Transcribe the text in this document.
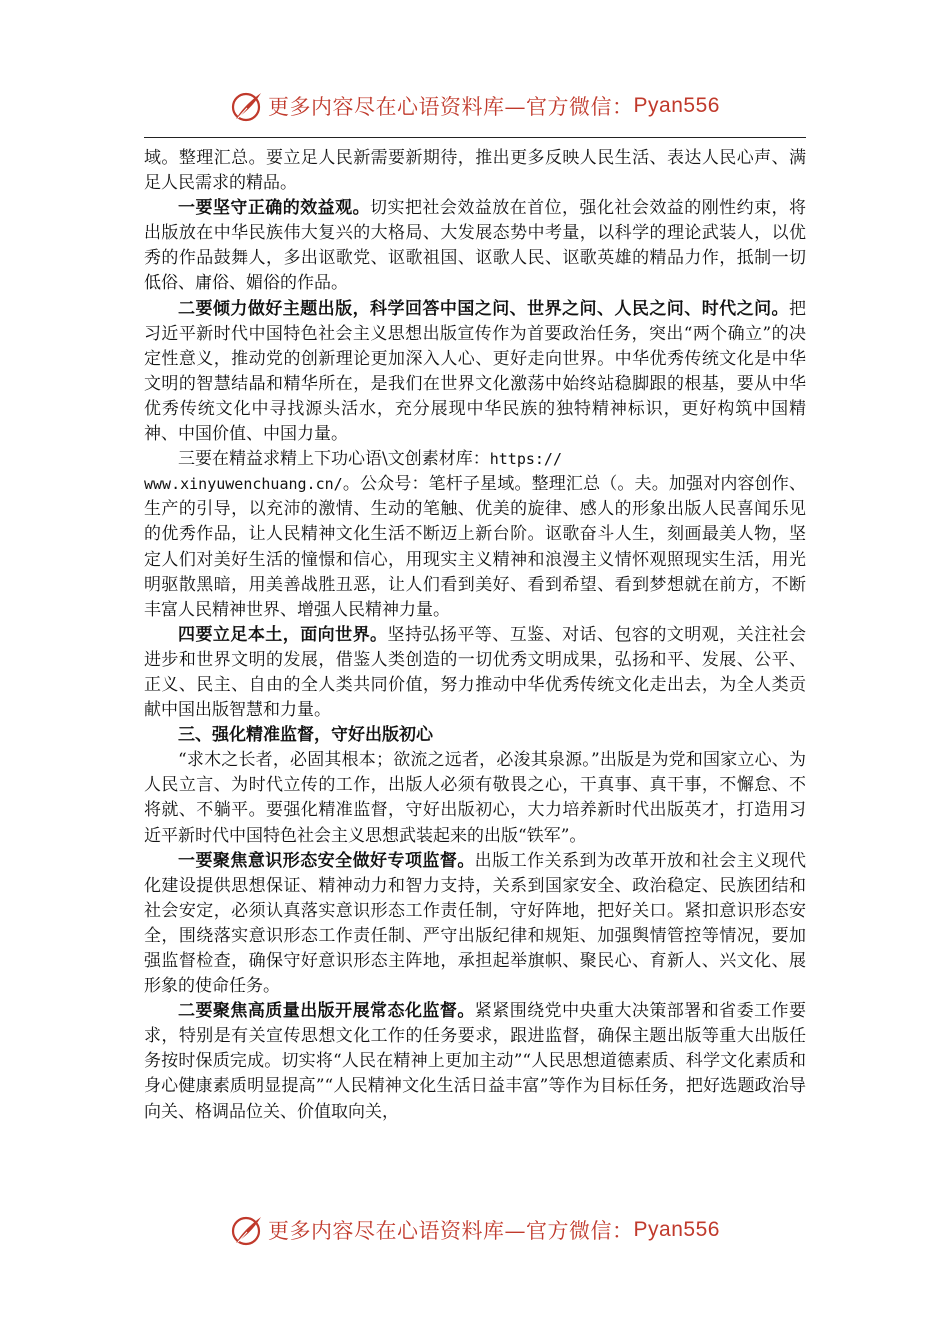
更多内容尽在心语资料库—官方微信： Pyan556

域。整理汇总。要立足人民新需要新期待，推出更多反映人民生活、表达人民心声、满足人民需求的精品。

一要坚守正确的效益观。切实把社会效益放在首位，强化社会效益的刚性约束，将出版放在中华民族伟大复兴的大格局、大发展态势中考量，以科学的理论武装人，以优秀的作品鼓舞人，多出讴歌党、讴歌祖国、讴歌人民、讴歌英雄的精品力作，抵制一切低俗、庸俗、媚俗的作品。

二要倾力做好主题出版，科学回答中国之问、世界之问、人民之问、时代之问。把习近平新时代中国特色社会主义思想出版宣传作为首要政治任务，突出“两个确立”的决定性意义，推动党的创新理论更加深入人心、更好走向世界。中华优秀传统文化是中华文明的智慧结晶和精华所在，是我们在世界文化激荡中始终站稳脚跟的根基，要从中华优秀传统文化中寻找源头活水，充分展现中华民族的独特精神标识，更好构筑中国精神、中国价值、中国力量。

三要在精益求精上下功心语\文创素材库：https://
www.xinyuwenchuang.cn/。公众号：笔杆子星域。整理汇总（。夫。加强对内容创作、生产的引导，以充沛的激情、生动的笔触、优美的旋律、感人的形象出版人民喜闻乐见的优秀作品，让人民精神文化生活不断迈上新台阶。讴歌奋斗人生，刻画最美人物，坚定人们对美好生活的憧憬和信心，用现实主义精神和浪漫主义情怀观照现实生活，用光明驱散黑暗，用美善战胜丑恶，让人们看到美好、看到希望、看到梦想就在前方，不断丰富人民精神世界、增强人民精神力量。

四要立足本土，面向世界。坚持弘扬平等、互鉴、对话、包容的文明观，关注社会进步和世界文明的发展，借鉴人类创造的一切优秀文明成果，弘扬和平、发展、公平、正义、民主、自由的全人类共同价值，努力推动中华优秀传统文化走出去，为全人类贡献中国出版智慧和力量。

三、强化精准监督，守好出版初心

“求木之长者，必固其根本；欲流之远者，必浚其泉源。”出版是为党和国家立心、为人民立言、为时代立传的工作，出版人必须有敬畏之心，干真事、真干事，不懈怠、不将就、不躺平。要强化精准监督，守好出版初心，大力培养新时代出版英才，打造用习近平新时代中国特色社会主义思想武装起来的出版“铁军”。

一要聚焦意识形态安全做好专项监督。出版工作关系到为改革开放和社会主义现代化建设提供思想保证、精神动力和智力支持，关系到国家安全、政治稳定、民族团结和社会安定，必须认真落实意识形态工作责任制，守好阵地，把好关口。紧扣意识形态安全，围绕落实意识形态工作责任制、严守出版纪律和规矩、加强舆情管控等情况，要加强监督检查，确保守好意识形态主阵地，承担起举旗帜、聚民心、育新人、兴文化、展形象的使命任务。

二要聚焦高质量出版开展常态化监督。紧紧围绕党中央重大决策部署和省委工作要求，特别是有关宣传思想文化工作的任务要求，跟进监督，确保主题出版等重大出版任务按时保质完成。切实将“人民在精神上更加主动”“人民思想道德素质、科学文化素质和身心健康素质明显提高”“人民精神文化生活日益丰富”等作为目标任务，把好选题政治导向关、格调品位关、价值取向关，

更多内容尽在心语资料库—官方微信： Pyan556
